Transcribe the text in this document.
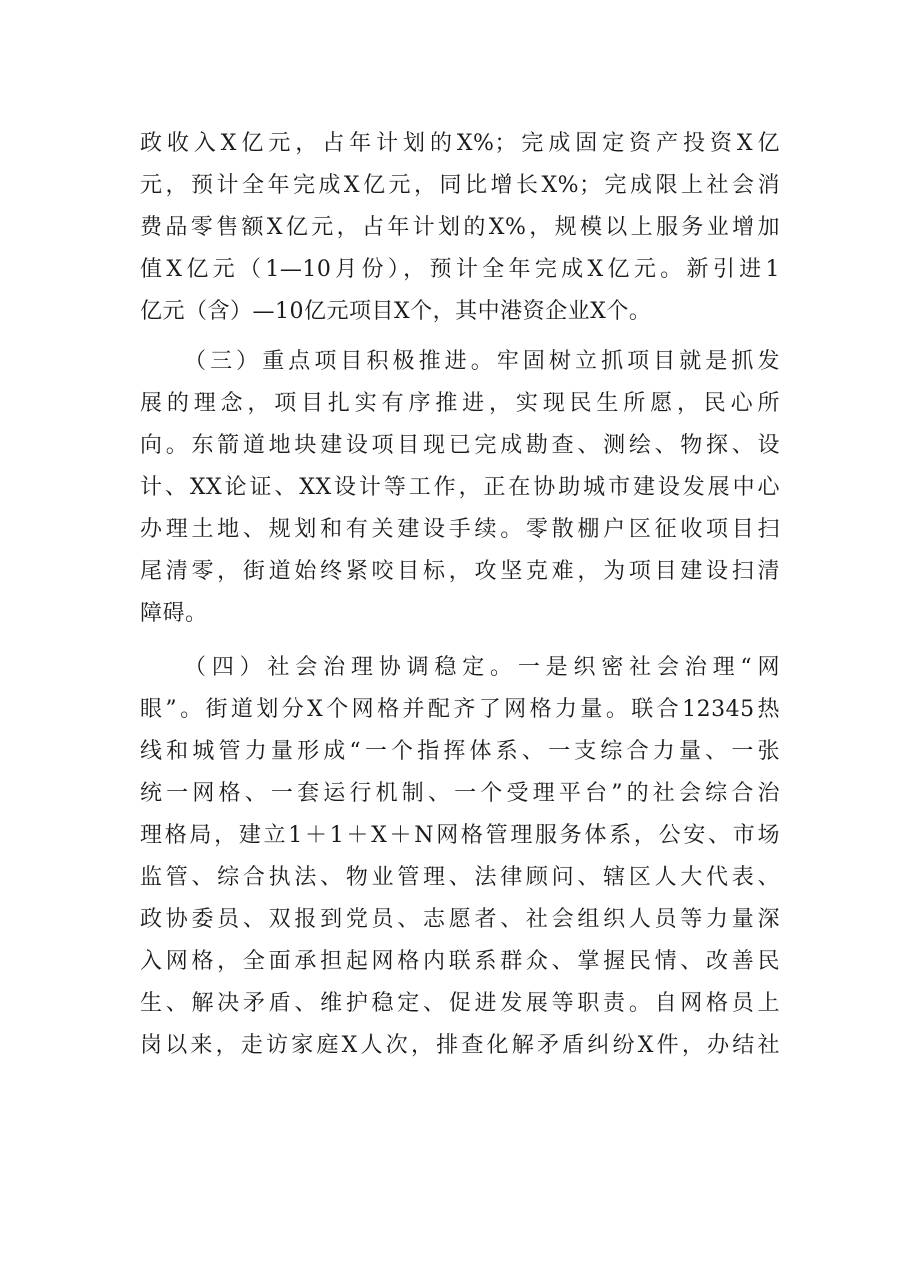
政收入X亿元，占年计划的X%；完成固定资产投资X亿
元，预计全年完成X亿元，同比增长X%；完成限上社会消
费品零售额X亿元，占年计划的X%，规模以上服务业增加
值X亿元（1—10月份），预计全年完成X亿元。新引进1
亿元（含）—10亿元项目X个，其中港资企业X个。
（三）重点项目积极推进。牢固树立抓项目就是抓发
展的理念，项目扎实有序推进，实现民生所愿，民心所
向。东箭道地块建设项目现已完成勘查、测绘、物探、设
计、XX论证、XX设计等工作，正在协助城市建设发展中心
办理土地、规划和有关建设手续。零散棚户区征收项目扫
尾清零，街道始终紧咬目标，攻坚克难，为项目建设扫清
障碍。
（四）社会治理协调稳定。一是织密社会治理“网
眼”。街道划分X个网格并配齐了网格力量。联合12345热
线和城管力量形成“一个指挥体系、一支综合力量、一张
统一网格、一套运行机制、一个受理平台”的社会综合治
理格局，建立1＋1＋X＋N网格管理服务体系，公安、市场
监管、综合执法、物业管理、法律顾问、辖区人大代表、
政协委员、双报到党员、志愿者、社会组织人员等力量深
入网格，全面承担起网格内联系群众、掌握民情、改善民
生、解决矛盾、维护稳定、促进发展等职责。自网格员上
岗以来，走访家庭X人次，排查化解矛盾纠纷X件，办结社
